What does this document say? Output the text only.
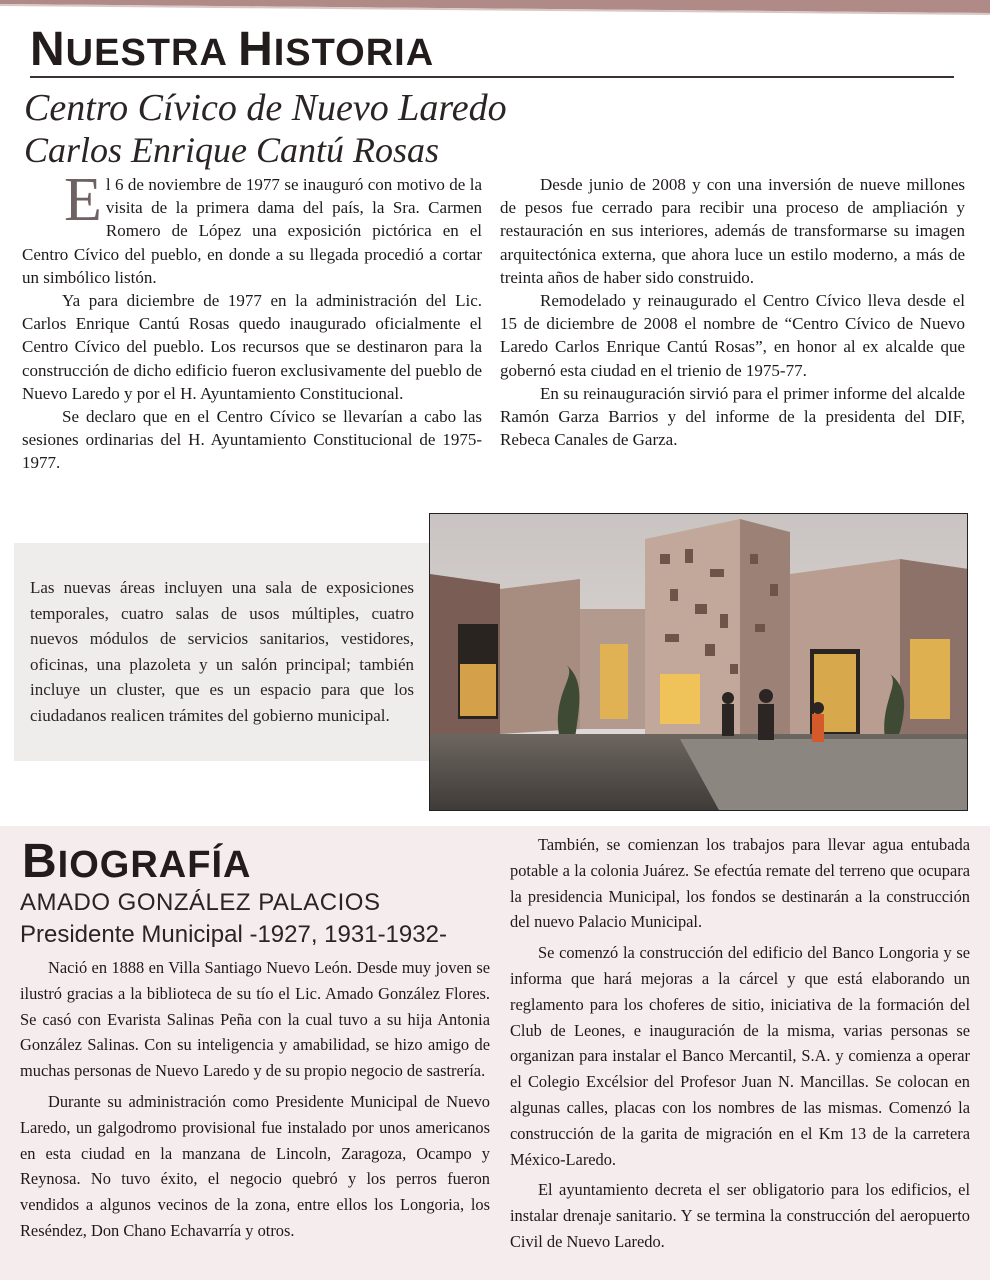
NUESTRA HISTORIA
Centro Cívico de Nuevo Laredo
Carlos Enrique Cantú Rosas

El 6 de noviembre de 1977 se inauguró con motivo de la visita de la primera dama del país, la Sra. Carmen Romero de López una exposición pictórica en el Centro Cívico del pueblo, en donde a su llegada procedió a cortar un simbólico listón.

Ya para diciembre de 1977 en la administración del Lic. Carlos Enrique Cantú Rosas quedo inaugurado oficialmente el Centro Cívico del pueblo. Los recursos que se destinaron para la construcción de dicho edificio fueron exclusivamente del pueblo de Nuevo Laredo y por el H. Ayuntamiento Constitucional.

Se declaro que en el Centro Cívico se llevarían a cabo las sesiones ordinarias del H. Ayuntamiento Constitucional de 1975-1977.

Desde junio de 2008 y con una inversión de nueve millones de pesos fue cerrado para recibir una proceso de ampliación y restauración en sus interiores, además de transformarse su imagen arquitectónica externa, que ahora luce un estilo moderno, a más de treinta años de haber sido construido.

Remodelado y reinaugurado el Centro Cívico lleva desde el 15 de diciembre de 2008 el nombre de “Centro Cívico de Nuevo Laredo Carlos Enrique Cantú Rosas”, en honor al ex alcalde que gobernó esta ciudad en el trienio de 1975-77.

En su reinauguración sirvió para el primer informe del alcalde Ramón Garza Barrios y del informe de la presidenta del DIF, Rebeca Canales de Garza.

Las nuevas áreas incluyen una sala de exposiciones temporales, cuatro salas de usos múltiples, cuatro nuevos módulos de servicios sanitarios, vestidores, oficinas, una plazoleta y un salón principal; también incluye un cluster, que es un espacio para que los ciudadanos realicen trámites del gobierno municipal.
BIOGRAFÍA
AMADO GONZÁLEZ PALACIOS
Presidente Municipal -1927, 1931-1932-

Nació en 1888 en Villa Santiago Nuevo León. Desde muy joven se ilustró gracias a la biblioteca de su tío el Lic. Amado González Flores. Se casó con Evarista Salinas Peña con la cual tuvo a su hija Antonia González Salinas. Con su inteligencia y amabilidad, se hizo amigo de muchas personas de Nuevo Laredo y de su propio negocio de sastrería.

Durante su administración como Presidente Municipal de Nuevo Laredo, un galgodromo provisional fue instalado por unos americanos en esta ciudad en la manzana de Lincoln, Zaragoza, Ocampo y Reynosa. No tuvo éxito, el negocio quebró y los perros fueron vendidos a algunos vecinos de la zona, entre ellos los Longoria, los Reséndez, Don Chano Echavarría y otros.

También, se comienzan los trabajos para llevar agua entubada potable a la colonia Juárez. Se efectúa remate del terreno que ocupara la presidencia Municipal, los fondos se destinarán a la construcción del nuevo Palacio Municipal.

Se comenzó la construcción del edificio del Banco Longoria y se informa que hará mejoras a la cárcel y que está elaborando un reglamento para los choferes de sitio, iniciativa de la formación del Club de Leones, e inauguración de la misma, varias personas se organizan para instalar el Banco Mercantil, S.A. y comienza a operar el Colegio Excélsior del Profesor Juan N. Mancillas. Se colocan en algunas calles, placas con los nombres de las mismas. Comenzó la construcción de la garita de migración en el Km 13 de la carretera México-Laredo.

El ayuntamiento decreta el ser obligatorio para los edificios, el instalar drenaje sanitario. Y se termina la construcción del aeropuerto Civil de Nuevo Laredo.
